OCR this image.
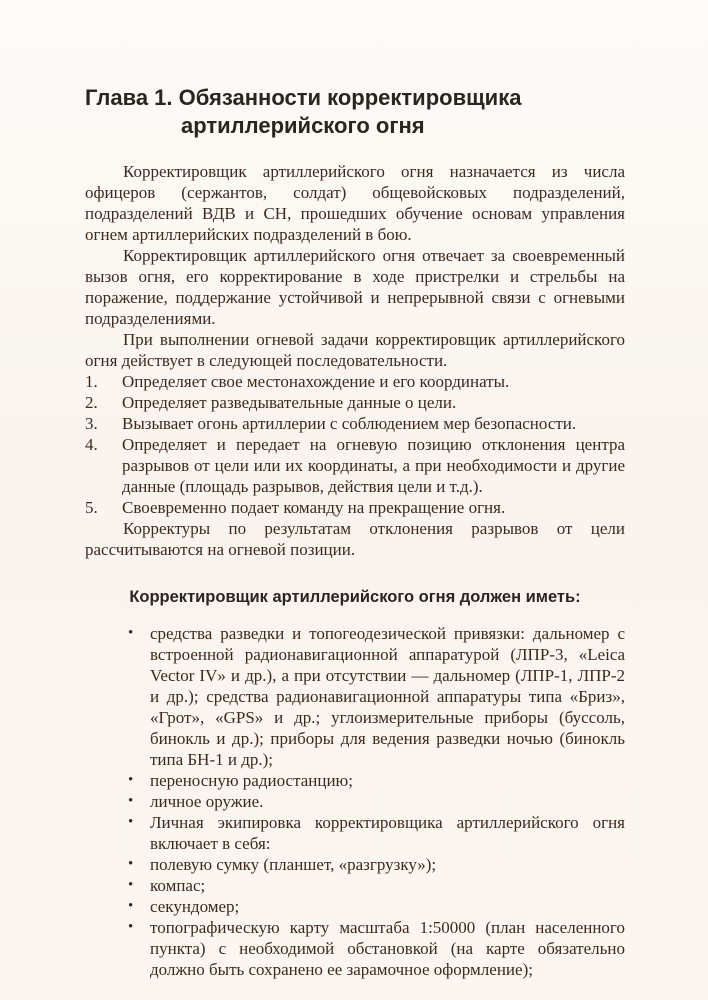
Глава 1. Обязанности корректировщика
артиллерийского огня

Корректировщик артиллерийского огня назначается из числа офицеров (сержантов, солдат) общевойсковых подразделений, подразделений ВДВ и СН, прошедших обучение основам управления огнем артиллерийских подразделений в бою.

Корректировщик артиллерийского огня отвечает за своевременный вызов огня, его корректирование в ходе пристрелки и стрельбы на поражение, поддержание устойчивой и непрерывной связи с огневыми подразделениями.

При выполнении огневой задачи корректировщик артиллерийского огня действует в следующей последовательности.

1.	Определяет свое местонахождение и его координаты.
2.	Определяет разведывательные данные о цели.
3.	Вызывает огонь артиллерии с соблюдением мер безопасности.
4.	Определяет и передает на огневую позицию отклонения центра разрывов от цели или их координаты, а при необходимости и другие данные (площадь разрывов, действия цели и т.д.).
5.	Своевременно подает команду на прекращение огня.

Корректуры по результатам отклонения разрывов от цели рассчитываются на огневой позиции.

Корректировщик артиллерийского огня должен иметь:
• средства разведки и топогеодезической привязки: дальномер с встроенной радионавигационной аппаратурой (ЛПР-3, «Leica Vector IV» и др.), а при отсутствии — дальномер (ЛПР-1, ЛПР-2 и др.); средства радионавигационной аппаратуры типа «Бриз», «Грот», «GPS» и др.; углоизмерительные приборы (буссоль, бинокль и др.); приборы для ведения разведки ночью (бинокль типа БН-1 и др.);
• переносную радиостанцию;
• личное оружие.
• Личная экипировка корректировщика артиллерийского огня включает в себя:
• полевую сумку (планшет, «разгрузку»);
• компас;
• секундомер;
• топографическую карту масштаба 1:50000 (план населенного пункта) с необходимой обстановкой (на карте обязательно должно быть сохранено ее зарамочное оформление);
